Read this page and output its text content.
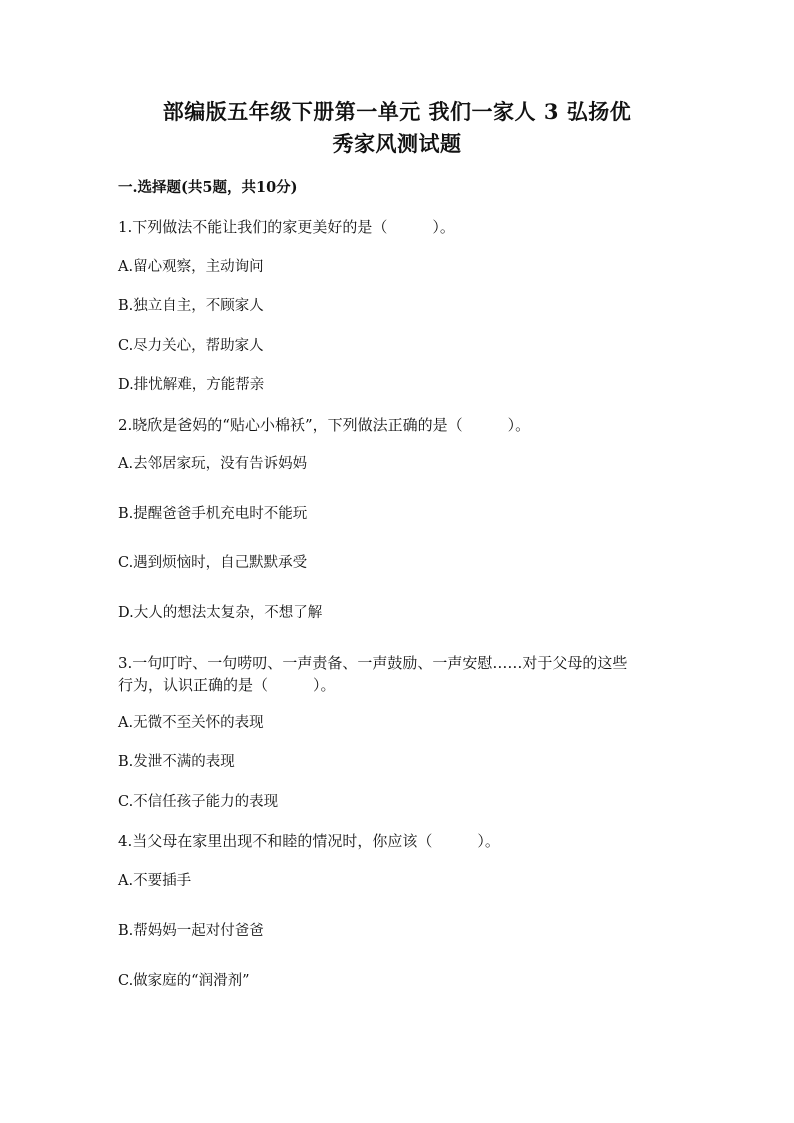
部编版五年级下册第一单元 我们一家人 3 弘扬优
秀家风测试题
一.选择题(共5题，共10分)
1.下列做法不能让我们的家更美好的是（　　　）。
A.留心观察，主动询问
B.独立自主，不顾家人
C.尽力关心，帮助家人
D.排忧解难，方能帮亲
2.晓欣是爸妈的“贴心小棉袄”，下列做法正确的是（　　　）。
A.去邻居家玩，没有告诉妈妈
B.提醒爸爸手机充电时不能玩
C.遇到烦恼时，自己默默承受
D.大人的想法太复杂，不想了解
3.一句叮咛、一句唠叨、一声责备、一声鼓励、一声安慰……对于父母的这些
行为，认识正确的是（　　　）。
A.无微不至关怀的表现
B.发泄不满的表现
C.不信任孩子能力的表现
4.当父母在家里出现不和睦的情况时，你应该（　　　）。
A.不要插手
B.帮妈妈一起对付爸爸
C.做家庭的“润滑剂”
